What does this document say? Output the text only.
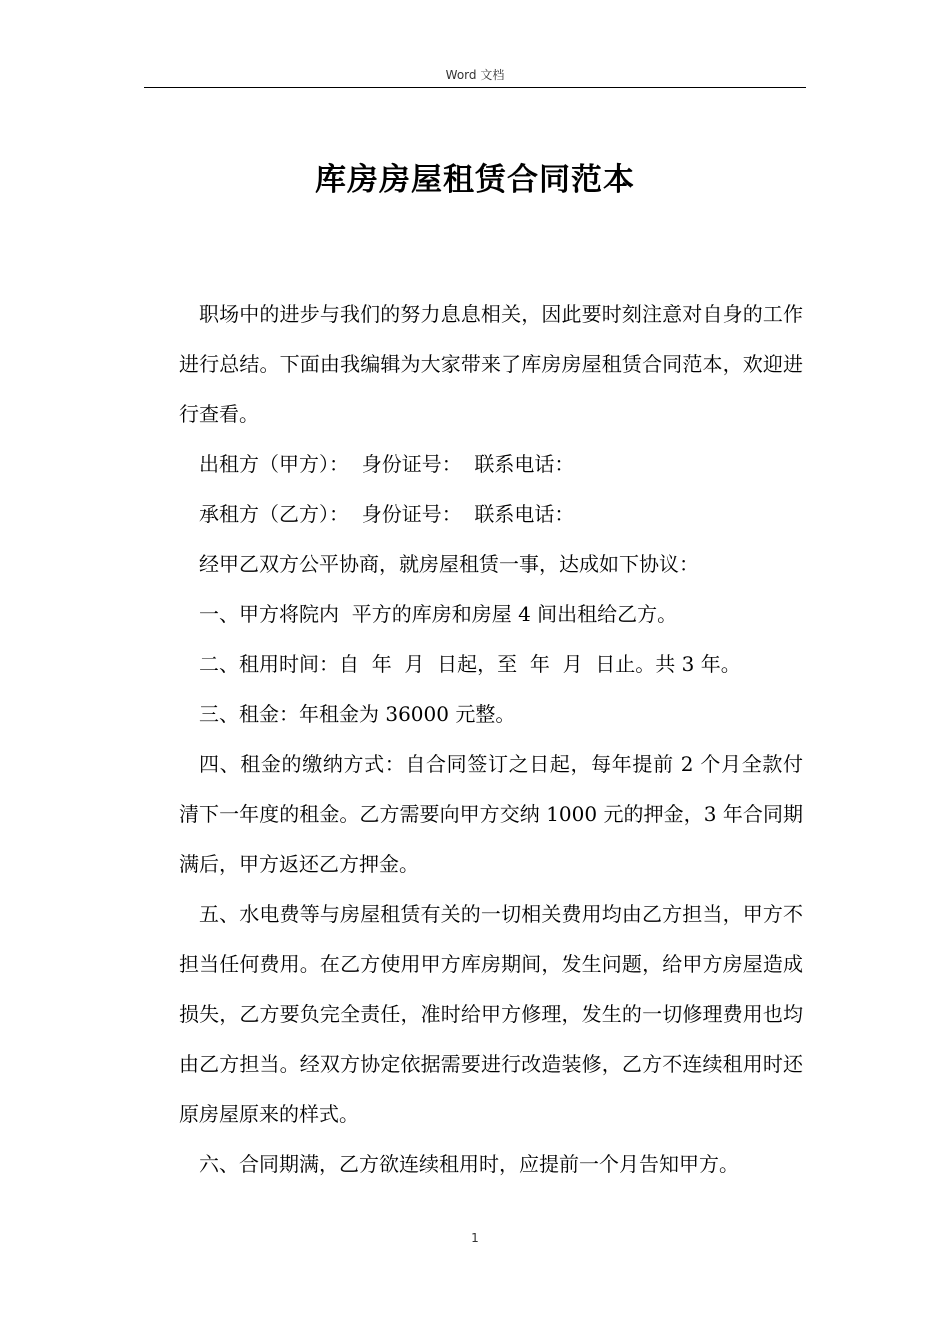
Word 文档
库房房屋租赁合同范本

职场中的进步与我们的努力息息相关，因此要时刻注意对自身的工作进行总结。下面由我编辑为大家带来了库房房屋租赁合同范本，欢迎进行查看。

出租方（甲方）：  身份证号：  联系电话：

承租方（乙方）：  身份证号：  联系电话：

经甲乙双方公平协商，就房屋租赁一事，达成如下协议：

一、甲方将院内  平方的库房和房屋 4 间出租给乙方。

二、租用时间：自  年  月  日起，至  年  月  日止。共 3 年。

三、租金：年租金为 36000 元整。

四、租金的缴纳方式：自合同签订之日起，每年提前 2 个月全款付清下一年度的租金。乙方需要向甲方交纳 1000 元的押金，3 年合同期满后，甲方返还乙方押金。

五、水电费等与房屋租赁有关的一切相关费用均由乙方担当，甲方不担当任何费用。在乙方使用甲方库房期间，发生问题，给甲方房屋造成损失，乙方要负完全责任，准时给甲方修理，发生的一切修理费用也均由乙方担当。经双方协定依据需要进行改造装修，乙方不连续租用时还原房屋原来的样式。

六、合同期满，乙方欲连续租用时，应提前一个月告知甲方。

1
